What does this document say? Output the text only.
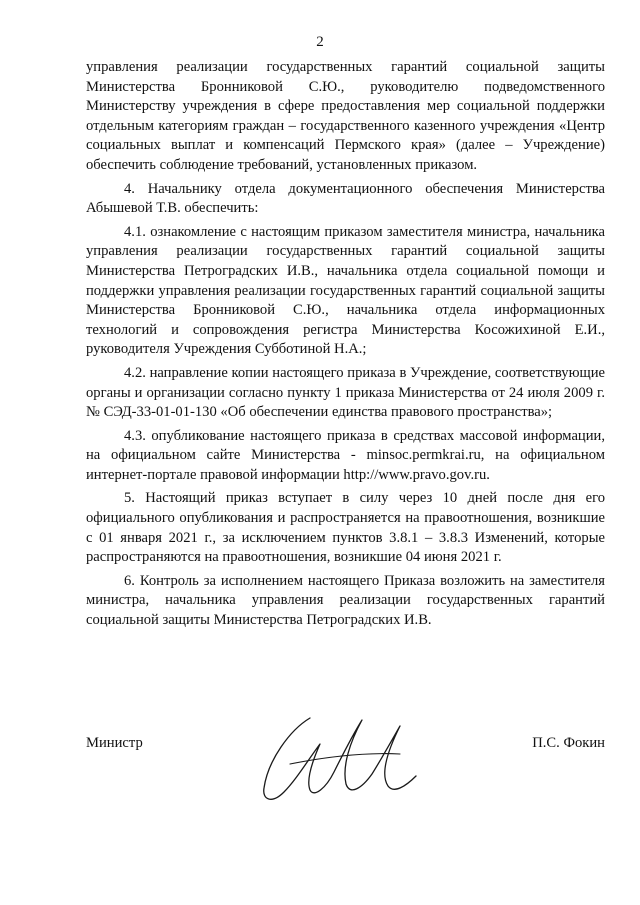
2

управления реализации государственных гарантий социальной защиты Министерства Бронниковой С.Ю., руководителю подведомственного Министерству учреждения в сфере предоставления мер социальной поддержки отдельным категориям граждан – государственного казенного учреждения «Центр социальных выплат и компенсаций Пермского края» (далее – Учреждение) обеспечить соблюдение требований, установленных приказом.

4. Начальнику отдела документационного обеспечения Министерства Абышевой Т.В. обеспечить:

4.1. ознакомление с настоящим приказом заместителя министра, начальника управления реализации государственных гарантий социальной защиты Министерства Петроградских И.В., начальника отдела социальной помощи и поддержки управления реализации государственных гарантий социальной защиты Министерства Бронниковой С.Ю., начальника отдела информационных технологий и сопровождения регистра Министерства Косожихиной Е.И., руководителя Учреждения Субботиной Н.А.;

4.2. направление копии настоящего приказа в Учреждение, соответствующие органы и организации согласно пункту 1 приказа Министерства от 24 июля 2009 г. № СЭД-33-01-01-130 «Об обеспечении единства правового пространства»;

4.3. опубликование настоящего приказа в средствах массовой информации, на официальном сайте Министерства - minsoc.permkrai.ru, на официальном интернет-портале правовой информации http://www.pravo.gov.ru.

5. Настоящий приказ вступает в силу через 10 дней после дня его официального опубликования и распространяется на правоотношения, возникшие с 01 января 2021 г., за исключением пунктов 3.8.1 – 3.8.3 Изменений, которые распространяются на правоотношения, возникшие 04 июня 2021 г.

6. Контроль за исполнением настоящего Приказа возложить на заместителя министра, начальника управления реализации государственных гарантий социальной защиты Министерства Петроградских И.В.

Министр	П.С. Фокин
